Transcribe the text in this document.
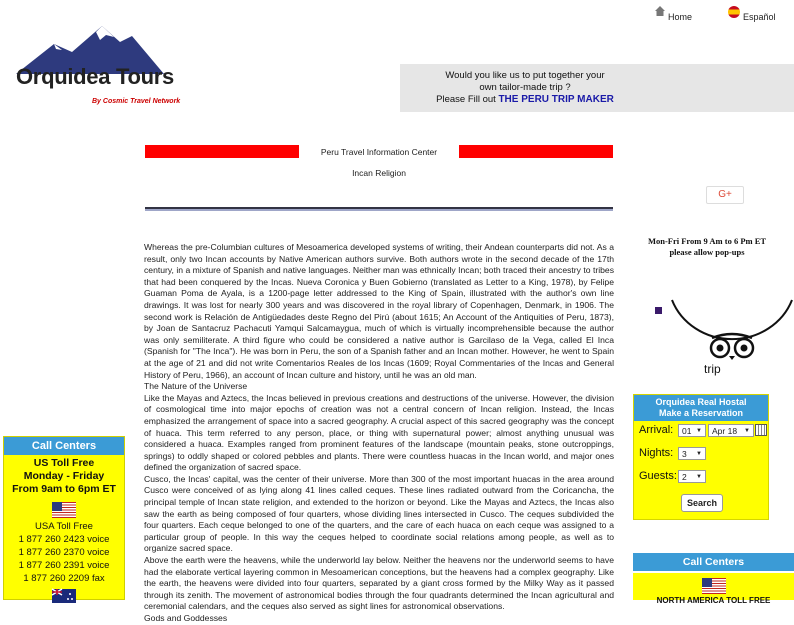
Home	Español
Orquidea Tours
By Cosmic Travel Network
Would you like us to put together your
own tailor-made trip ?
Please Fill out THE PERU TRIP MAKER
Peru Travel Information Center
Incan Religion
G+
Mon-Fri From 9 Am to 6 Pm ET
please allow pop-ups

Whereas the pre-Columbian cultures of Mesoamerica developed systems of writing, their Andean counterparts did not. As a result, only two Incan accounts by Native American authors survive. Both authors wrote in the second decade of the 17th century, in a mixture of Spanish and native languages. Neither man was ethnically Incan; both traced their ancestry to tribes that had been conquered by the Incas. Nueva Coronica y Buen Gobierno (translated as Letter to a King, 1978), by Felipe Guaman Poma de Ayala, is a 1200-page letter addressed to the King of Spain, illustrated with the author's own line drawings. It was lost for nearly 300 years and was discovered in the royal library of Copenhagen, Denmark, in 1906. The second work is Relación de Antigüedades deste Regno del Pirú (about 1615; An Account of the Antiquities of Peru, 1873), by Joan de Santacruz Pachacuti Yamqui Salcamaygua, much of which is virtually incomprehensible because the author was only semiliterate. A third figure who could be considered a native author is Garcilaso de la Vega, called El Inca (Spanish for "The Inca"). He was born in Peru, the son of a Spanish father and an Incan mother. However, he went to Spain at the age of 21 and did not write Comentarios Reales de los Incas (1609; Royal Commentaries of the Incas and General History of Peru, 1966), an account of Incan culture and history, until he was an old man.

The Nature of the Universe

Like the Mayas and Aztecs, the Incas believed in previous creations and destructions of the universe. However, the division of cosmological time into major epochs of creation was not a central concern of Incan religion. Instead, the Incas emphasized the arrangement of space into a sacred geography. A crucial aspect of this sacred geography was the concept of huaca. This term referred to any person, place, or thing with supernatural power; almost anything unusual was considered a huaca. Examples ranged from prominent features of the landscape (mountain peaks, stone outcroppings, springs) to oddly shaped or colored pebbles and plants. There were countless huacas in the Incan world, and major ones defined the organization of sacred space.

Cusco, the Incas' capital, was the center of their universe. More than 300 of the most important huacas in the area around Cusco were conceived of as lying along 41 lines called ceques. These lines radiated outward from the Coricancha, the principal temple of Incan state religion, and extended to the horizon or beyond. Like the Mayas and Aztecs, the Incas also saw the earth as being composed of four quarters, whose dividing lines intersected in Cusco. The ceques subdivided the four quarters. Each ceque belonged to one of the quarters, and the care of each huaca on each ceque was assigned to a particular group of people. In this way the ceques helped to coordinate social relations among people, as well as to organize sacred space.

Above the earth were the heavens, while the underworld lay below. Neither the heavens nor the underworld seems to have had the elaborate vertical layering common in Mesoamerican conceptions, but the heavens had a complex geography. Like the earth, the heavens were divided into four quarters, separated by a giant cross formed by the Milky Way as it passed through its zenith. The movement of astronomical bodies through the four quadrants determined the Incan agricultural and ceremonial calendars, and the ceques also served as sight lines for astronomical observations.

Gods and Goddesses

Call Centers
US Toll Free
Monday - Friday
From 9am to 6pm ET
USA Toll Free
1 877 260 2423 voice
1 877 260 2370 voice
1 877 260 2391 voice
1 877 260 2209 fax
trip
Orquidea Real Hostal
Make a Reservation
Arrival: 01 ▼ Apr 18 ▼
Nights: 3 ▼
Guests: 2 ▼
Search
Call Centers
NORTH AMERICA TOLL FREE
